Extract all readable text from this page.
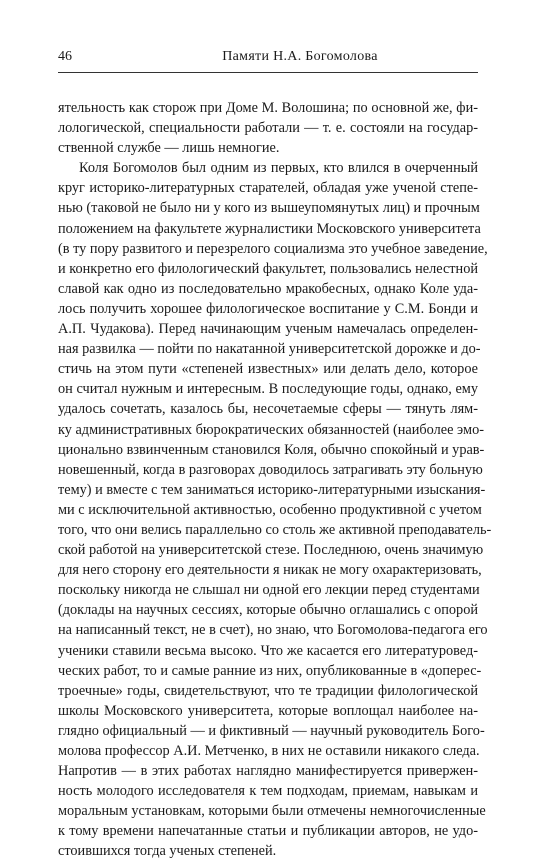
46	Памяти Н.А. Богомолова
ятельность как сторож при Доме М. Волошина; по основной же, фи-
лологической, специальности работали — т. е. состояли на государ-
ственной службе — лишь немногие.
Коля Богомолов был одним из первых, кто влился в очерченный
круг историко-литературных старателей, обладая уже ученой степе-
нью (таковой не было ни у кого из вышеупомянутых лиц) и прочным
положением на факультете журналистики Московского университета
(в ту пору развитого и перезрелого социализма это учебное заведение,
и конкретно его филологический факультет, пользовались нелестной
славой как одно из последовательно мракобесных, однако Коле уда-
лось получить хорошее филологическое воспитание у С.М. Бонди и
А.П. Чудакова). Перед начинающим ученым намечалась определен-
ная развилка — пойти по накатанной университетской дорожке и до-
стичь на этом пути «степеней известных» или делать дело, которое
он считал нужным и интересным. В последующие годы, однако, ему
удалось сочетать, казалось бы, несочетаемые сферы — тянуть лям-
ку административных бюрократических обязанностей (наиболее эмо-
ционально взвинченным становился Коля, обычно спокойный и урав-
новешенный, когда в разговорах доводилось затрагивать эту больную
тему) и вместе с тем заниматься историко-литературными изыскания-
ми с исключительной активностью, особенно продуктивной с учетом
того, что они велись параллельно со столь же активной преподаватель-
ской работой на университетской стезе. Последнюю, очень значимую
для него сторону его деятельности я никак не могу охарактеризовать,
поскольку никогда не слышал ни одной его лекции перед студентами
(доклады на научных сессиях, которые обычно оглашались с опорой
на написанный текст, не в счет), но знаю, что Богомолова-педагога его
ученики ставили весьма высоко. Что же касается его литературовед-
ческих работ, то и самые ранние из них, опубликованные в «доперес-
троечные» годы, свидетельствуют, что те традиции филологической
школы Московского университета, которые воплощал наиболее на-
глядно официальный — и фиктивный — научный руководитель Бого-
молова профессор А.И. Метченко, в них не оставили никакого следа.
Напротив — в этих работах наглядно манифестируется привержен-
ность молодого исследователя к тем подходам, приемам, навыкам и
моральным установкам, которыми были отмечены немногочисленные
к тому времени напечатанные статьи и публикации авторов, не удо-
стоившихся тогда ученых степеней.
